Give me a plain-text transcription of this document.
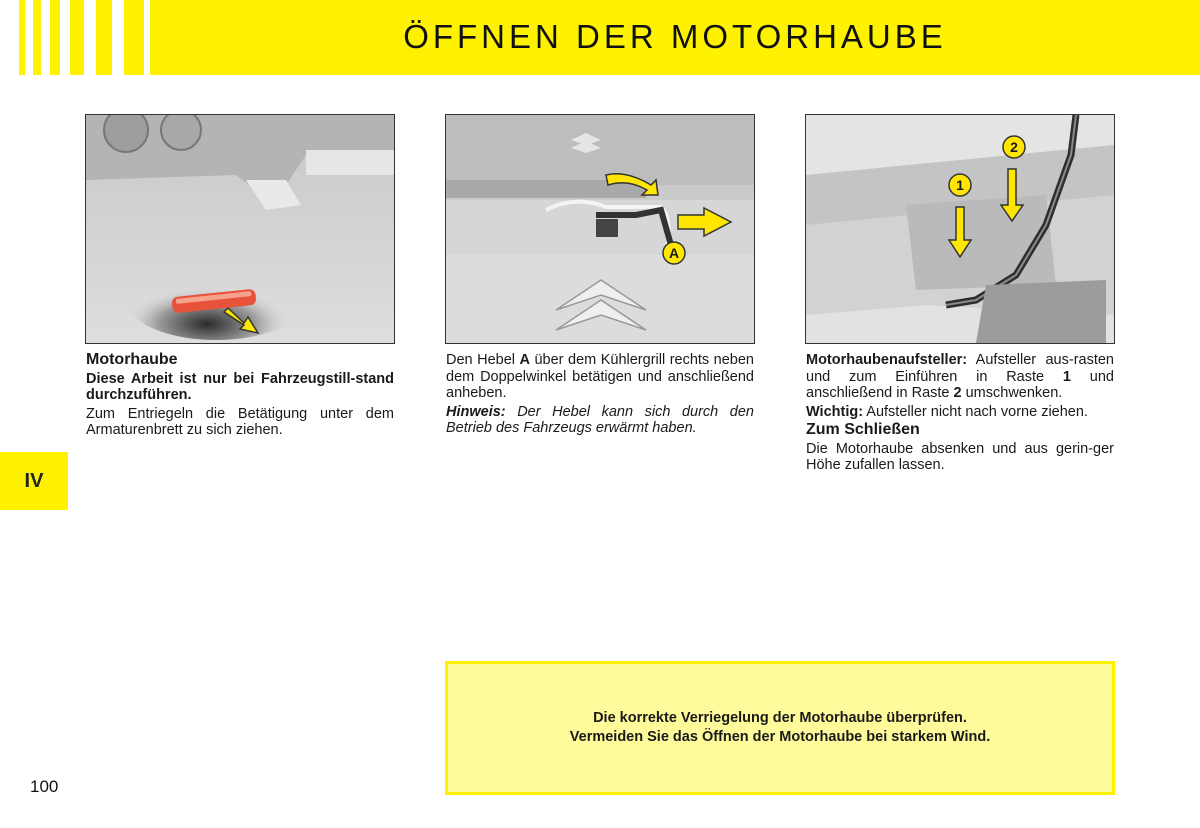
ÖFFNEN DER MOTORHAUBE
A
1
2

Motorhaube

Diese Arbeit ist nur bei Fahrzeugstill-stand durchzuführen.

Zum Entriegeln die Betätigung unter dem Armaturenbrett zu sich ziehen.

Den Hebel A über dem Kühlergrill rechts neben dem Doppelwinkel betätigen und anschließend anheben.

Hinweis: Der Hebel kann sich durch den Betrieb des Fahrzeugs erwärmt haben.

Motorhaubenaufsteller: Aufsteller aus-rasten und zum Einführen in Raste 1 und anschließend in Raste 2 umschwenken.

Wichtig: Aufsteller nicht nach vorne ziehen.

Zum Schließen

Die Motorhaube absenken und aus gerin-ger Höhe zufallen lassen.

Die korrekte Verriegelung der Motorhaube überprüfen.
Vermeiden Sie das Öffnen der Motorhaube bei starkem Wind.
IV
100
